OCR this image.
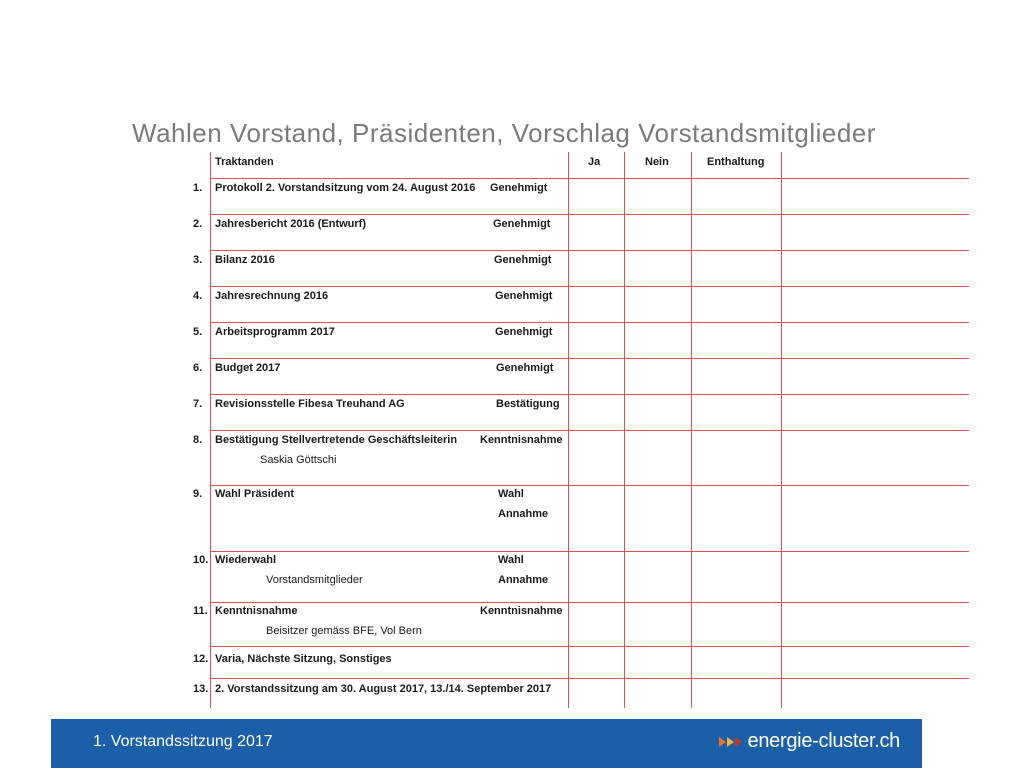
Wahlen Vorstand, Präsidenten, Vorschlag Vorstandsmitglieder
Traktanden	Ja	Nein	Enthaltung
1. Protokoll 2. Vorstandsitzung vom 24. August 2016 Genehmigt
2. Jahresbericht 2016 (Entwurf)	Genehmigt
3. Bilanz 2016	Genehmigt
4. Jahresrechnung 2016	Genehmigt
5. Arbeitsprogramm 2017	Genehmigt
6. Budget 2017	Genehmigt
7. Revisionsstelle Fibesa Treuhand AG	Bestätigung
8. Bestätigung Stellvertretende Geschäftsleiterin Kenntnisnahme
Saskia Göttschi
9. Wahl Präsident	Wahl
Annahme
10. Wiederwahl	Wahl
Vorstandsmitglieder	Annahme
11. Kenntnisnahme	Kenntnisnahme
Beisitzer gemäss BFE, Vol Bern
12. Varia, Nächste Sitzung, Sonstiges
13. 2. Vorstandssitzung am 30. August 2017, 13./14. September 2017
1. Vorstandssitzung 2017	energie-cluster.ch
